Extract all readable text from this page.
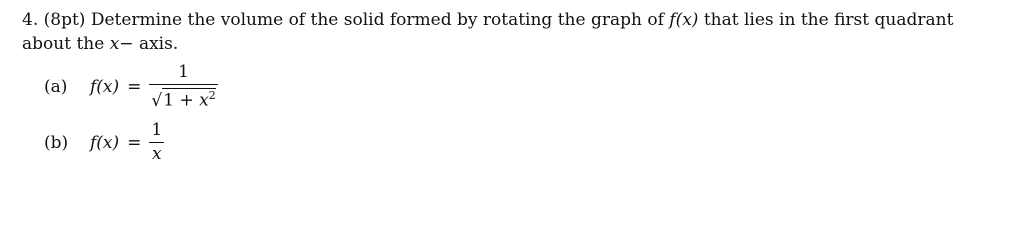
4. (8pt) Determine the volume of the solid formed by rotating the graph of f(x) that lies in the first quadrant about the x− axis.
(a)	$f(x) = \frac{1}{√ 1 + x^2}$
(b)	$f(x) = \frac{1}{x}$
